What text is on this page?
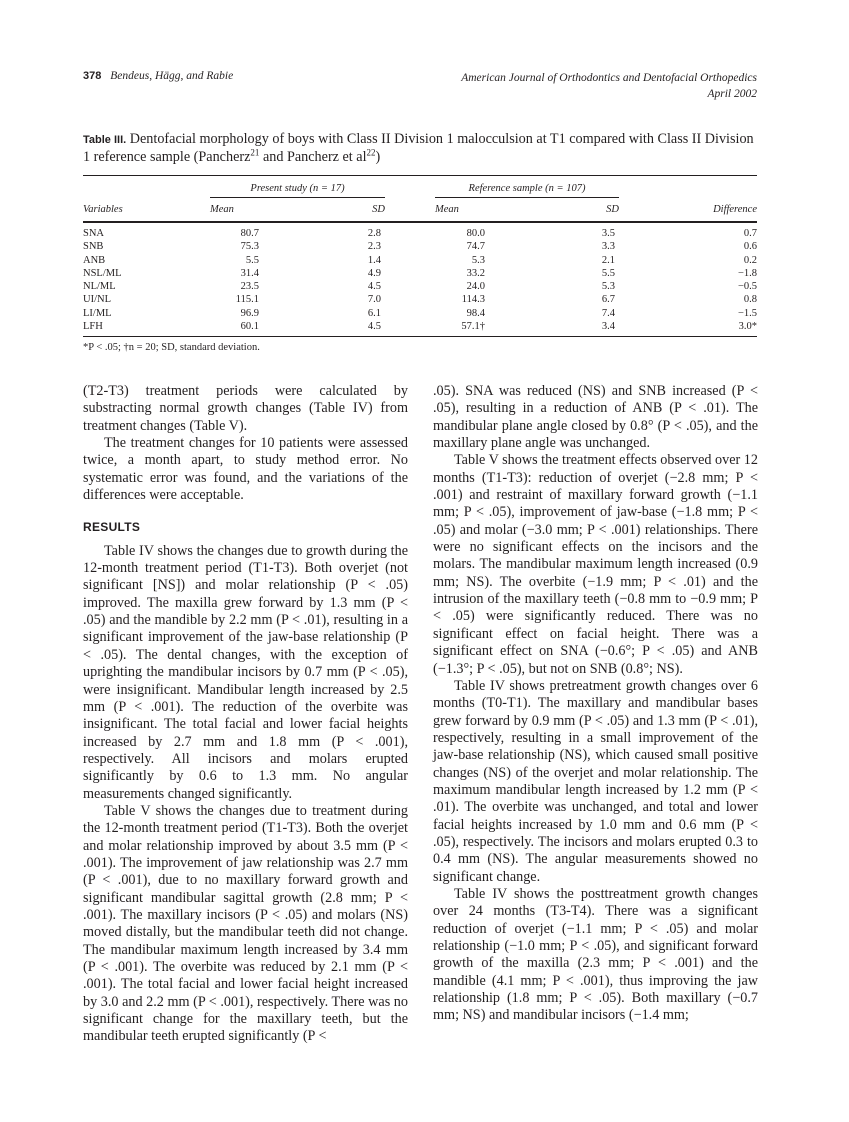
378 Bendeus, Hägg, and Rabie	American Journal of Orthodontics and Dentofacial Orthopedics
April 2002

Table III. Dentofacial morphology of boys with Class II Division 1 malocculsion at T1 compared with Class II Division 1 reference sample (Pancherz$^{21}$ and Pancherz et $al^{22}$)

	Present study (n = 17)			Reference sample (n = 107)		
Variables	Mean	SD		Mean	SD	Difference
SNA	80.7	2.8		80.0	3.5	0.7
SNB	75.3	2.3		74.7	3.3	0.6
ANB	5.5	1.4		5.3	2.1	0.2
NSL/ML	31.4	4.9		33.2	5.5	−1.8
NL/ML	23.5	4.5		24.0	5.3	−0.5
UI/NL	115.1	7.0		114.3	6.7	0.8
LI/ML	96.9	6.1		98.4	7.4	−1.5
LFH	60.1	4.5		57.1†	3.4	3.0*
*P < .05; †n = 20; SD, standard deviation.

(T2-T3) treatment periods were calculated by substracting normal growth changes (Table IV) from treatment changes (Table V).

The treatment changes for 10 patients were assessed twice, a month apart, to study method error. No systematic error was found, and the variations of the differences were acceptable.

RESULTS

Table IV shows the changes due to growth during the 12-month treatment period (T1-T3). Both overjet (not significant [NS]) and molar relationship (P < .05) improved. The maxilla grew forward by 1.3 mm (P < .05) and the mandible by 2.2 mm (P < .01), resulting in a significant improvement of the jaw-base relationship (P < .05). The dental changes, with the exception of uprighting the mandibular incisors by 0.7 mm (P < .05), were insignificant. Mandibular length increased by 2.5 mm (P < .001). The reduction of the overbite was insignificant. The total facial and lower facial heights increased by 2.7 mm and 1.8 mm (P < .001), respectively. All incisors and molars erupted significantly by 0.6 to 1.3 mm. No angular measurements changed significantly.

Table V shows the changes due to treatment during the 12-month treatment period (T1-T3). Both the overjet and molar relationship improved by about 3.5 mm (P < .001). The improvement of jaw relationship was 2.7 mm (P < .001), due to no maxillary forward growth and significant mandibular sagittal growth (2.8 mm; P < .001). The maxillary incisors (P < .05) and molars (NS) moved distally, but the mandibular teeth did not change. The mandibular maximum length increased by 3.4 mm (P < .001). The overbite was reduced by 2.1 mm (P < .001). The total facial and lower facial height increased by 3.0 and 2.2 mm (P < .001), respectively. There was no significant change for the maxillary teeth, but the mandibular teeth erupted significantly (P <

.05). SNA was reduced (NS) and SNB increased (P < .05), resulting in a reduction of ANB (P < .01). The mandibular plane angle closed by 0.8° (P < .05), and the maxillary plane angle was unchanged.

Table V shows the treatment effects observed over 12 months (T1-T3): reduction of overjet (−2.8 mm; P < .001) and restraint of maxillary forward growth (−1.1 mm; P < .05), improvement of jaw-base (−1.8 mm; P < .05) and molar (−3.0 mm; P < .001) relationships. There were no significant effects on the incisors and the molars. The mandibular maximum length increased (0.9 mm; NS). The overbite (−1.9 mm; P < .01) and the intrusion of the maxillary teeth (−0.8 mm to −0.9 mm; P < .05) were significantly reduced. There was no significant effect on facial height. There was a significant effect on SNA (−0.6°; P < .05) and ANB (−1.3°; P < .05), but not on SNB (0.8°; NS).

Table IV shows pretreatment growth changes over 6 months (T0-T1). The maxillary and mandibular bases grew forward by 0.9 mm (P < .05) and 1.3 mm (P < .01), respectively, resulting in a small improvement of the jaw-base relationship (NS), which caused small positive changes (NS) of the overjet and molar relationship. The maximum mandibular length increased by 1.2 mm (P < .01). The overbite was unchanged, and total and lower facial heights increased by 1.0 mm and 0.6 mm (P < .05), respectively. The incisors and molars erupted 0.3 to 0.4 mm (NS). The angular measurements showed no significant change.

Table IV shows the posttreatment growth changes over 24 months (T3-T4). There was a significant reduction of overjet (−1.1 mm; P < .05) and molar relationship (−1.0 mm; P < .05), and significant forward growth of the maxilla (2.3 mm; P < .001) and the mandible (4.1 mm; P < .001), thus improving the jaw relationship (1.8 mm; P < .05). Both maxillary (−0.7 mm; NS) and mandibular incisors (−1.4 mm;
